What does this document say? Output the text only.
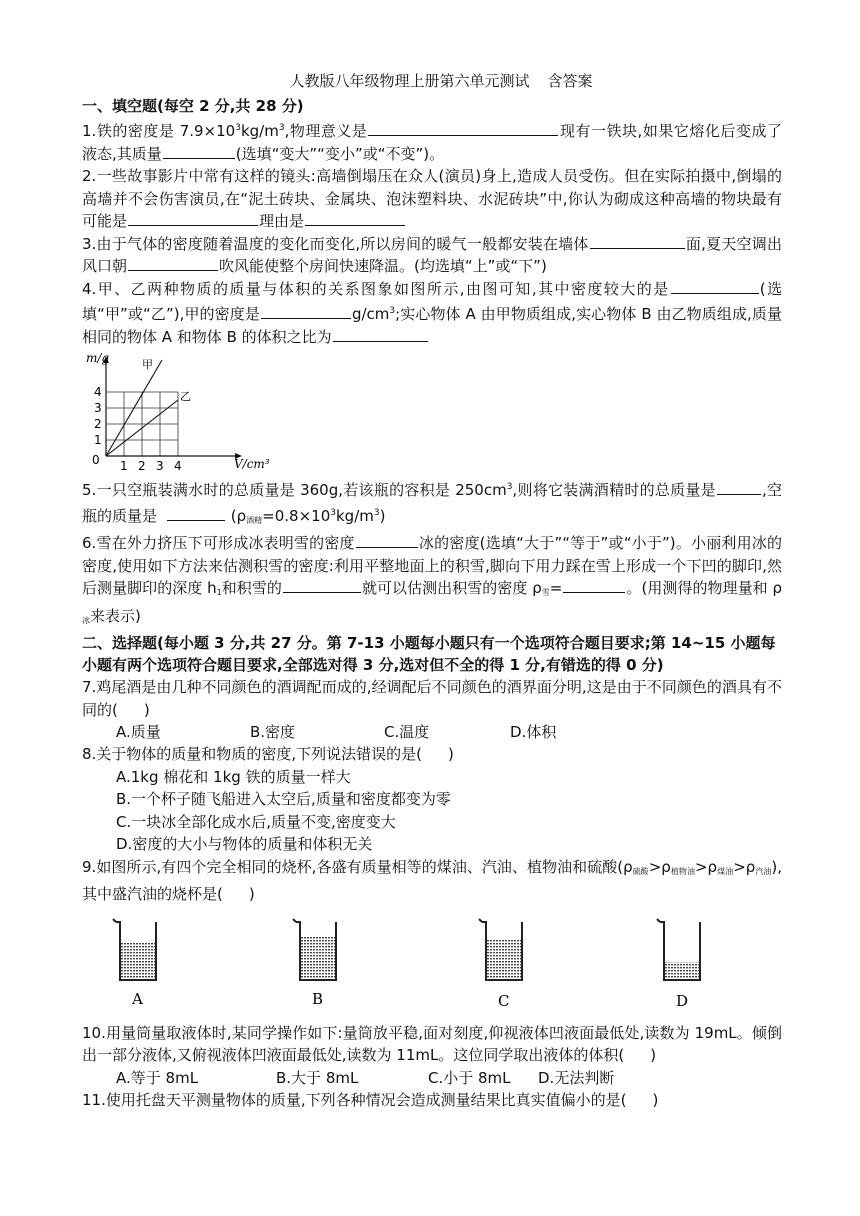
人教版八年级物理上册第六单元测试 含答案

一、填空题(每空 2 分,共 28 分)

1.铁的密度是 $7.9\times 10^3kg/m^3$,物理意义是	现有一铁块,如果它熔化后变成了液态,其质量	(选填“变大”“变小”或“不变”)。

2.一些故事影片中常有这样的镜头:高墙倒塌压在众人(演员)身上,造成人员受伤。但在实际拍摄中,倒塌的高墙并不会伤害演员,在“泥土砖块、金属块、泡沫塑料块、水泥砖块”中,你认为砌成这种高墙的物块最有可能是	理由是

3.由于气体的密度随着温度的变化而变化,所以房间的暖气一般都安装在墙体	面,夏天空调出风口朝	吹风能使整个房间快速降温。(均选填“上”或“下”)

4.甲、乙两种物质的质量与体积的关系图象如图所示,由图可知,其中密度较大的是	(选填“甲”或“乙”),甲的密度是	$g/cm^3$;实心物体 A 由甲物质组成,实心物体 B 由乙物质组成,质量相同的物体 A 和物体 B 的体积之比为

m/g
V/cm³
4
3
2
1
0 1 2 3 4
甲
乙

5.一只空瓶装满水时的总质量是 360g,若该瓶的容积是 $250cm^3$,则将它装满酒精时的总质量是	,空瓶的质量是	$(\rho_{酒精}=0.8\times 10^3kg/m^3)$

6.雪在外力挤压下可形成冰表明雪的密度	冰的密度(选填“大于”“等于”或“小于”)。小丽利用冰的密度,使用如下方法来估测积雪的密度:利用平整地面上的积雪,脚向下用力踩在雪上形成一个下凹的脚印,然后测量脚印的深度 $h_1$和积雪的	就可以估测出积雪的密度 $\rho_雪=$	。(用测得的物理量和 $\rho_冰$来表示)

二、选择题(每小题 3 分,共 27 分。第 7-13 小题每小题只有一个选项符合题目要求;第 14~15 小题每小题有两个选项符合题目要求,全部选对得 3 分,选对但不全的得 1 分,有错选的得 0 分)

7.鸡尾酒是由几种不同颜色的酒调配而成的,经调配后不同颜色的酒界面分明,这是由于不同颜色的酒具有不同的( )

A.质量	B.密度	C.温度	D.体积

8.关于物体的质量和物质的密度,下列说法错误的是( )

A.1kg 棉花和 1kg 铁的质量一样大

B.一个杯子随飞船进入太空后,质量和密度都变为零

C.一块冰全部化成水后,质量不变,密度变大

D.密度的大小与物体的质量和体积无关

9.如图所示,有四个完全相同的烧杯,各盛有质量相等的煤油、汽油、植物油和硫酸$(\rho_{硫酸}>\rho_{植物油}>\rho_{煤油}>\rho_{汽油})$,其中盛汽油的烧杯是( )

A	B	C	D

10.用量筒量取液体时,某同学操作如下:量筒放平稳,面对刻度,仰视液体凹液面最低处,读数为 19mL。倾倒出一部分液体,又俯视液体凹液面最低处,读数为 11mL。这位同学取出液体的体积( )

A.等于 8mL	B.大于 8mL	C.小于 8mL D.无法判断

11.使用托盘天平测量物体的质量,下列各种情况会造成测量结果比真实值偏小的是( )
